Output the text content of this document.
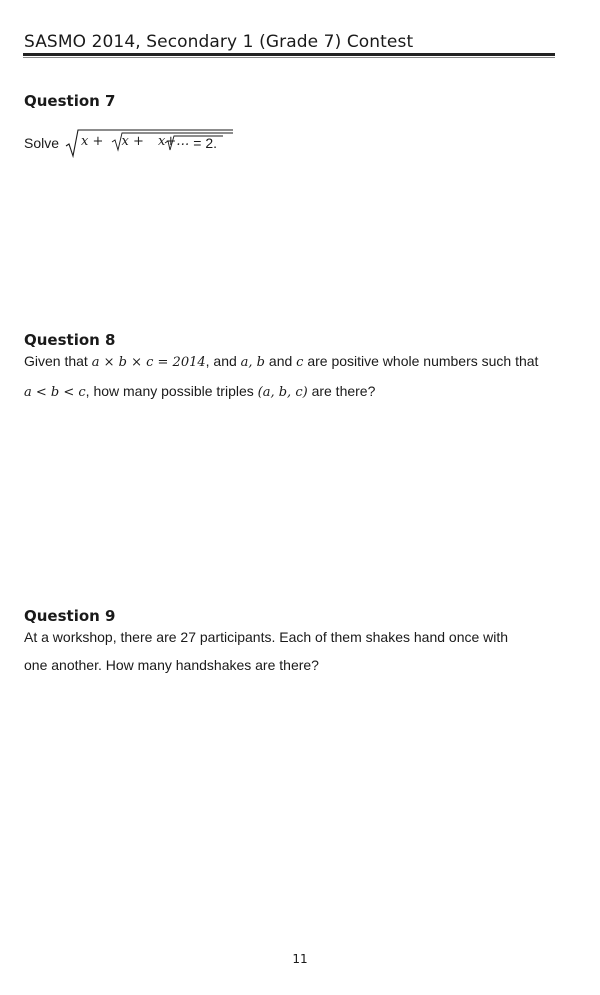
SASMO 2014, Secondary 1 (Grade 7) Contest
Question 7
Solve	x + x + x+… = 2.
Question 8
Given that a × b × c = 2014, and a, b and c are positive whole numbers such that
a < b < c, how many possible triples (a, b, c) are there?
Question 9
At a workshop, there are 27 participants. Each of them shakes hand once with
one another. How many handshakes are there?
11
